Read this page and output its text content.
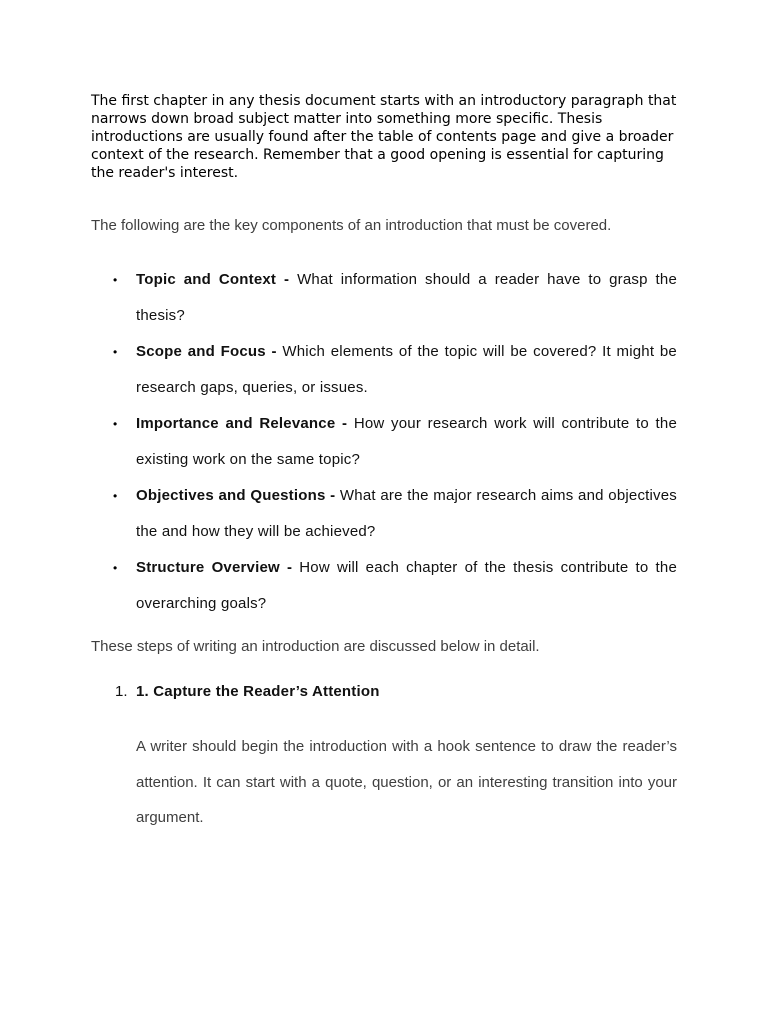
The first chapter in any thesis document starts with an introductory paragraph that narrows down broad subject matter into something more specific. Thesis introductions are usually found after the table of contents page and give a broader context of the research. Remember that a good opening is essential for capturing the reader's interest.

The following are the key components of an introduction that must be covered.

• Topic and Context - What information should a reader have to grasp the thesis?
• Scope and Focus - Which elements of the topic will be covered? It might be research gaps, queries, or issues.
• Importance and Relevance - How your research work will contribute to the existing work on the same topic?
• Objectives and Questions - What are the major research aims and objectives the and how they will be achieved?
• Structure Overview - How will each chapter of the thesis contribute to the overarching goals?

These steps of writing an introduction are discussed below in detail.

1. 1. Capture the Reader’s Attention

A writer should begin the introduction with a hook sentence to draw the reader’s attention. It can start with a quote, question, or an interesting transition into your argument.
